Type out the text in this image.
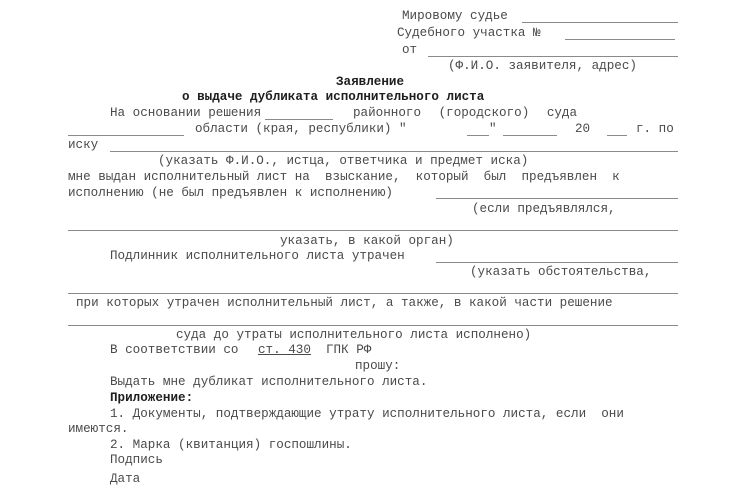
Мировому судье
Судебного участка №
от
(Ф.И.О. заявителя, адрес)
Заявление
о выдаче дубликата исполнительного листа
На основании решения	районного (городского) суда
области (края, республики) "	"	20	г. по
иску
(указать Ф.И.О., истца, ответчика и предмет иска)
мне выдан исполнительный лист на  взыскание,  который  был  предъявлен  к
исполнению (не был предъявлен к исполнению)
(если предъявлялся,
указать, в какой орган)
Подлинник исполнительного листа утрачен
(указать обстоятельства,
при которых утрачен исполнительный лист, а также, в какой части решение
суда до утраты исполнительного листа исполнено)
В соответствии со ст. 430 ГПК РФ
прошу:
Выдать мне дубликат исполнительного листа.
Приложение:
1. Документы, подтверждающие утрату исполнительного листа, если  они
имеются.
2. Марка (квитанция) госпошлины.
Подпись
Дата
